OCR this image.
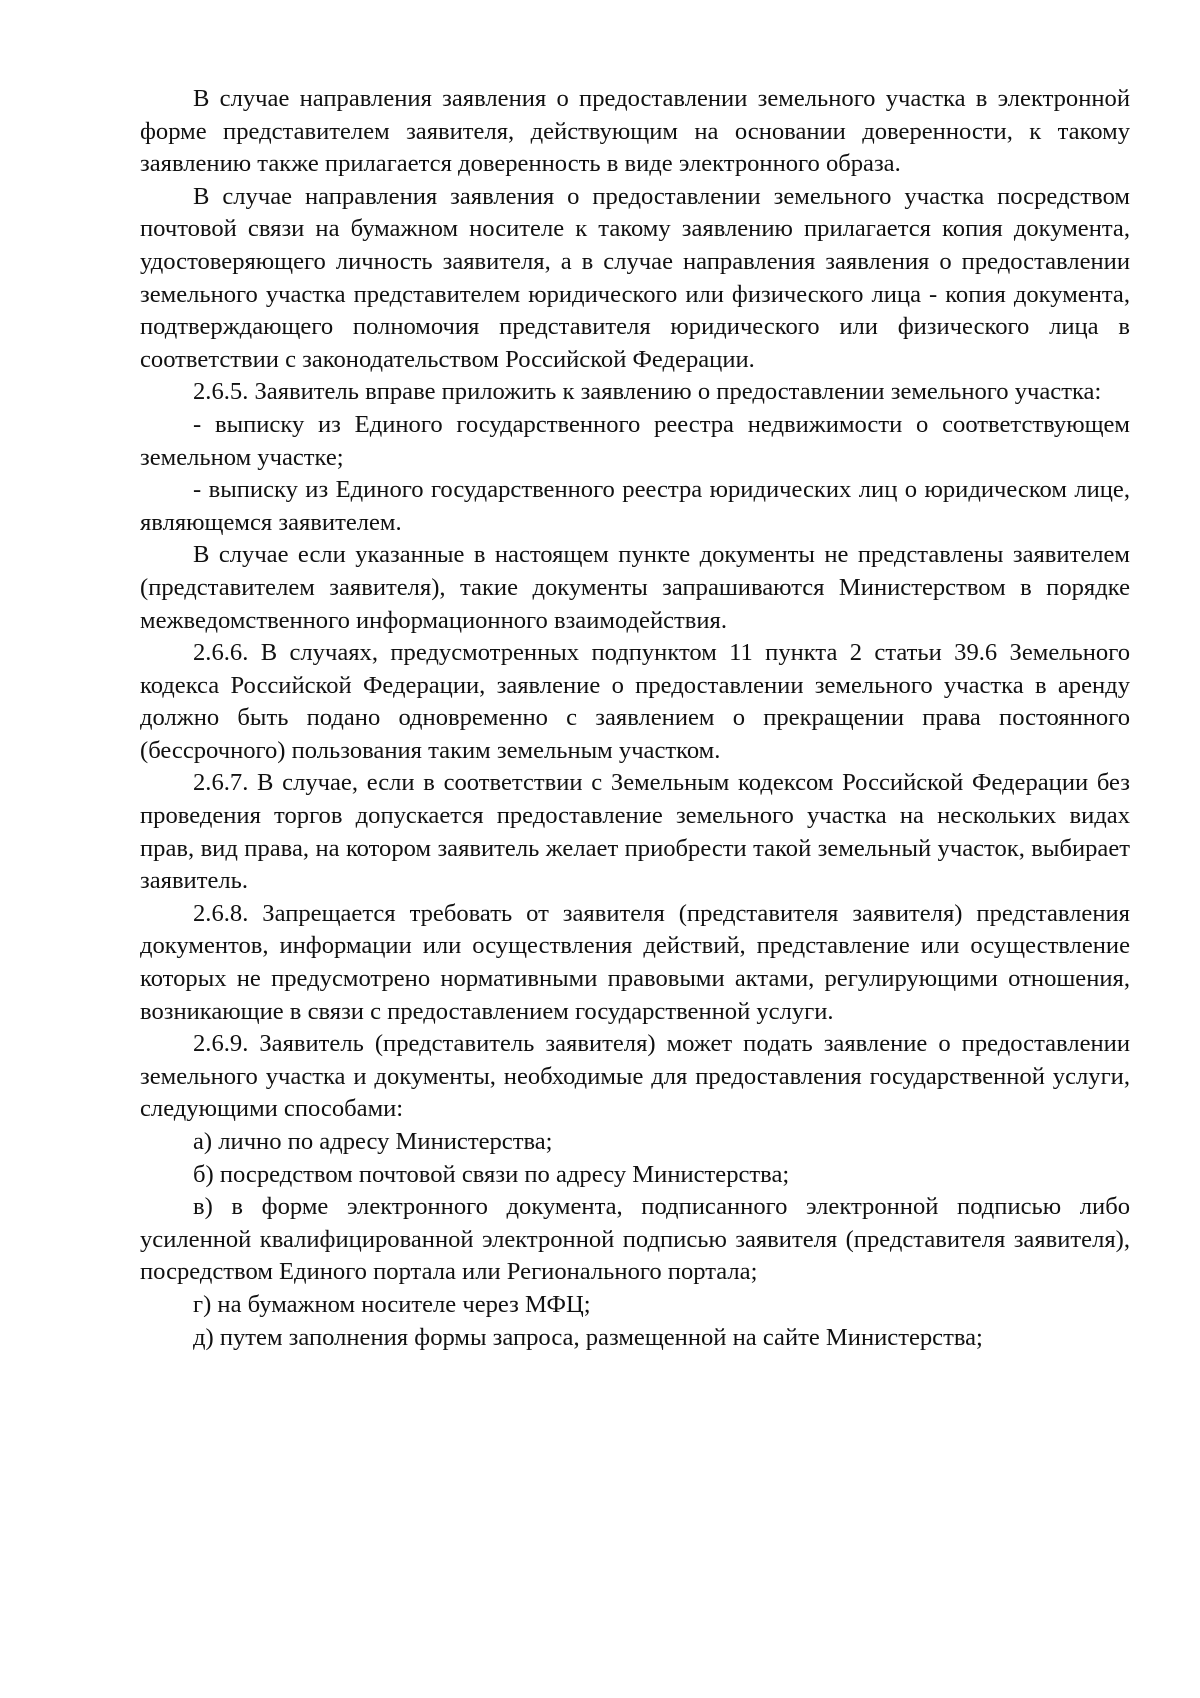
В случае направления заявления о предоставлении земельного участка в электронной форме представителем заявителя, действующим на основании доверенности, к такому заявлению также прилагается доверенность в виде электронного образа.

В случае направления заявления о предоставлении земельного участка посредством почтовой связи на бумажном носителе к такому заявлению прилагается копия документа, удостоверяющего личность заявителя, а в случае направления заявления о предоставлении земельного участка представителем юридического или физического лица - копия документа, подтверждающего полномочия представителя юридического или физического лица в соответствии с законодательством Российской Федерации.

2.6.5. Заявитель вправе приложить к заявлению о предоставлении земельного участка:

- выписку из Единого государственного реестра недвижимости о соответствующем земельном участке;

- выписку из Единого государственного реестра юридических лиц о юридическом лице, являющемся заявителем.

В случае если указанные в настоящем пункте документы не представлены заявителем (представителем заявителя), такие документы запрашиваются Министерством в порядке межведомственного информационного взаимодействия.

2.6.6. В случаях, предусмотренных подпунктом 11 пункта 2 статьи 39.6 Земельного кодекса Российской Федерации, заявление о предоставлении земельного участка в аренду должно быть подано одновременно с заявлением о прекращении права постоянного (бессрочного) пользования таким земельным участком.

2.6.7. В случае, если в соответствии с Земельным кодексом Российской Федерации без проведения торгов допускается предоставление земельного участка на нескольких видах прав, вид права, на котором заявитель желает приобрести такой земельный участок, выбирает заявитель.

2.6.8. Запрещается требовать от заявителя (представителя заявителя) представления документов, информации или осуществления действий, представление или осуществление которых не предусмотрено нормативными правовыми актами, регулирующими отношения, возникающие в связи с предоставлением государственной услуги.

2.6.9. Заявитель (представитель заявителя) может подать заявление о предоставлении земельного участка и документы, необходимые для предоставления государственной услуги, следующими способами:

а) лично по адресу Министерства;

б) посредством почтовой связи по адресу Министерства;

в) в форме электронного документа, подписанного электронной подписью либо усиленной квалифицированной электронной подписью заявителя (представителя заявителя), посредством Единого портала или Регионального портала;

г) на бумажном носителе через МФЦ;

д) путем заполнения формы запроса, размещенной на сайте Министерства;
